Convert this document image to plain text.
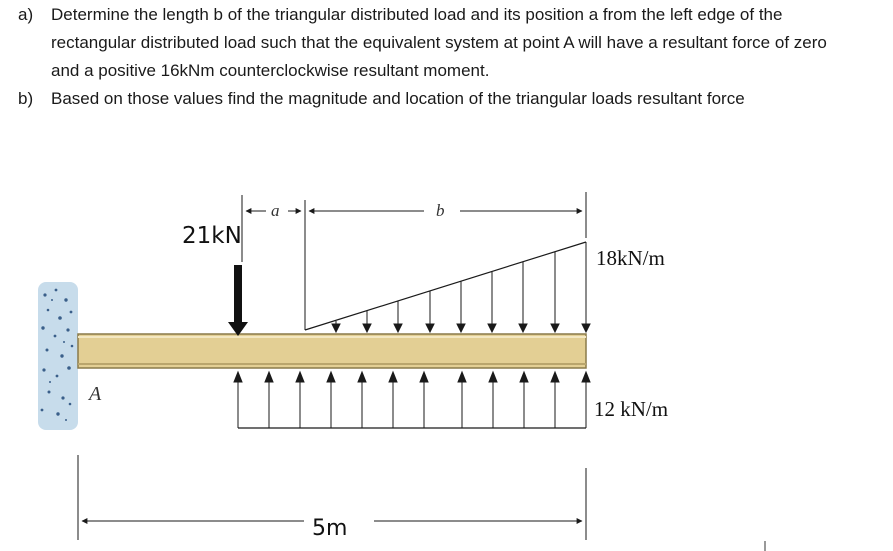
a) Determine the length b of the triangular distributed load and its position a from the left edge of the rectangular distributed load such that the equivalent system at point A will have a resultant force of zero and a positive 16kNm counterclockwise resultant moment.
b) Based on those values find the magnitude and location of the triangular loads resultant force
A
21kN
a	b
18kN/m
12 kN/m
5m
